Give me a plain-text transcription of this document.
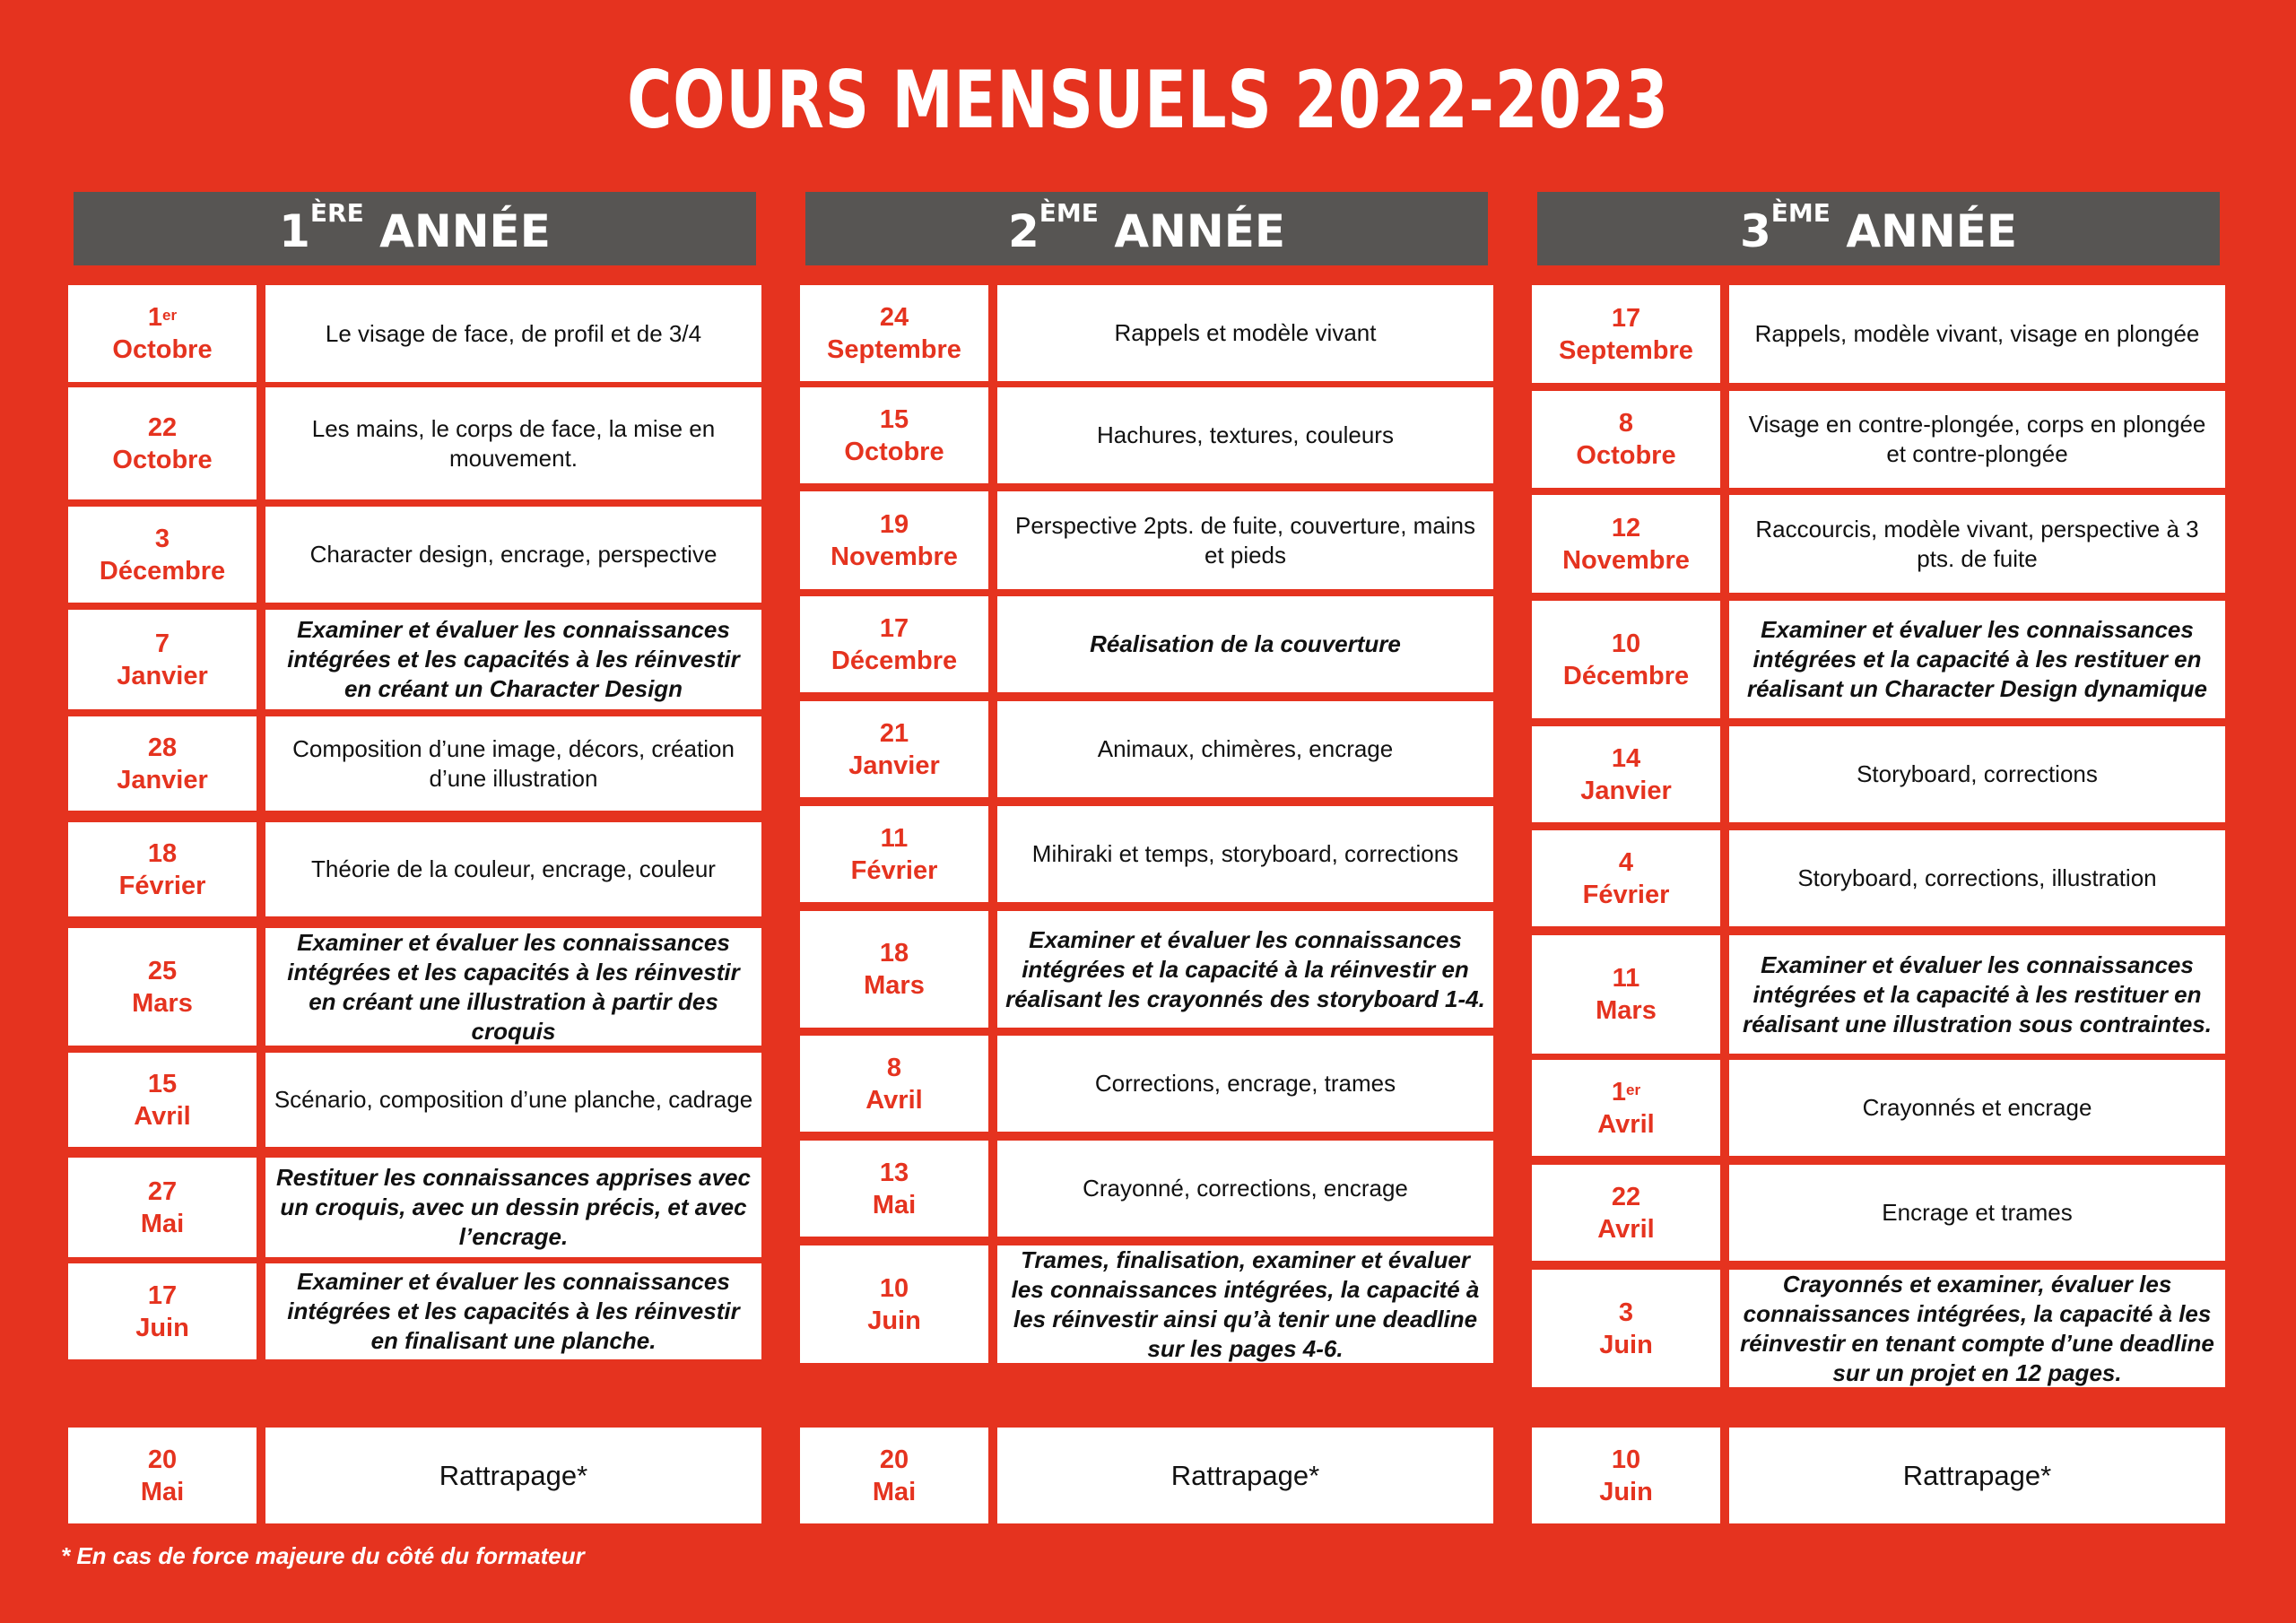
COURS MENSUELS 2022-2023
1ÈRE ANNÉE
1er
Octobre
Le visage de face, de profil et de 3/4
22
Octobre
Les mains, le corps de face, la mise en mouvement.
3
Décembre
Character design, encrage, perspective
7
Janvier
Examiner et évaluer les connaissances intégrées et les capacités à les réinvestir en créant un Character Design
28
Janvier
Composition d’une image, décors, création d’une illustration
18
Février
Théorie de la couleur, encrage, couleur
25
Mars
Examiner et évaluer les connaissances intégrées et les capacités à les réinvestir en créant une illustration à partir des croquis
15
Avril
Scénario, composition d’une planche, cadrage
27
Mai
Restituer les connaissances apprises avec un croquis, avec un dessin précis, et avec l’encrage.
17
Juin
Examiner et évaluer les connaissances intégrées et les capacités à les réinvestir en finalisant une planche.
20
Mai
Rattrapage*
2ÈME ANNÉE
24
Septembre
Rappels et modèle vivant
15
Octobre
Hachures, textures, couleurs
19
Novembre
Perspective 2pts. de fuite, couverture, mains et pieds
17
Décembre
Réalisation de la couverture
21
Janvier
Animaux, chimères, encrage
11
Février
Mihiraki et temps, storyboard, corrections
18
Mars
Examiner et évaluer les connaissances intégrées et la capacité à la réinvestir en réalisant les crayonnés des storyboard 1-4.
8
Avril
Corrections, encrage, trames
13
Mai
Crayonné, corrections, encrage
10
Juin
Trames, finalisation, examiner et évaluer les connaissances intégrées, la capacité à les réinvestir ainsi qu’à tenir une deadline sur les pages 4-6.
20
Mai
Rattrapage*
3ÈME ANNÉE
17
Septembre
Rappels, modèle vivant, visage en plongée
8
Octobre
Visage en contre-plongée, corps en plongée et contre-plongée
12
Novembre
Raccourcis, modèle vivant, perspective à 3 pts. de fuite
10
Décembre
Examiner et évaluer les connaissances intégrées et la capacité à les restituer en réalisant un Character Design dynamique
14
Janvier
Storyboard, corrections
4
Février
Storyboard, corrections, illustration
11
Mars
Examiner et évaluer les connaissances intégrées et la capacité à les restituer en réalisant une illustration sous contraintes.
1er
Avril
Crayonnés et encrage
22
Avril
Encrage et trames
3
Juin
Crayonnés et examiner, évaluer les connaissances intégrées, la capacité à les réinvestir en tenant compte d’une deadline sur un projet en 12 pages.
10
Juin
Rattrapage*
* En cas de force majeure du côté du formateur
